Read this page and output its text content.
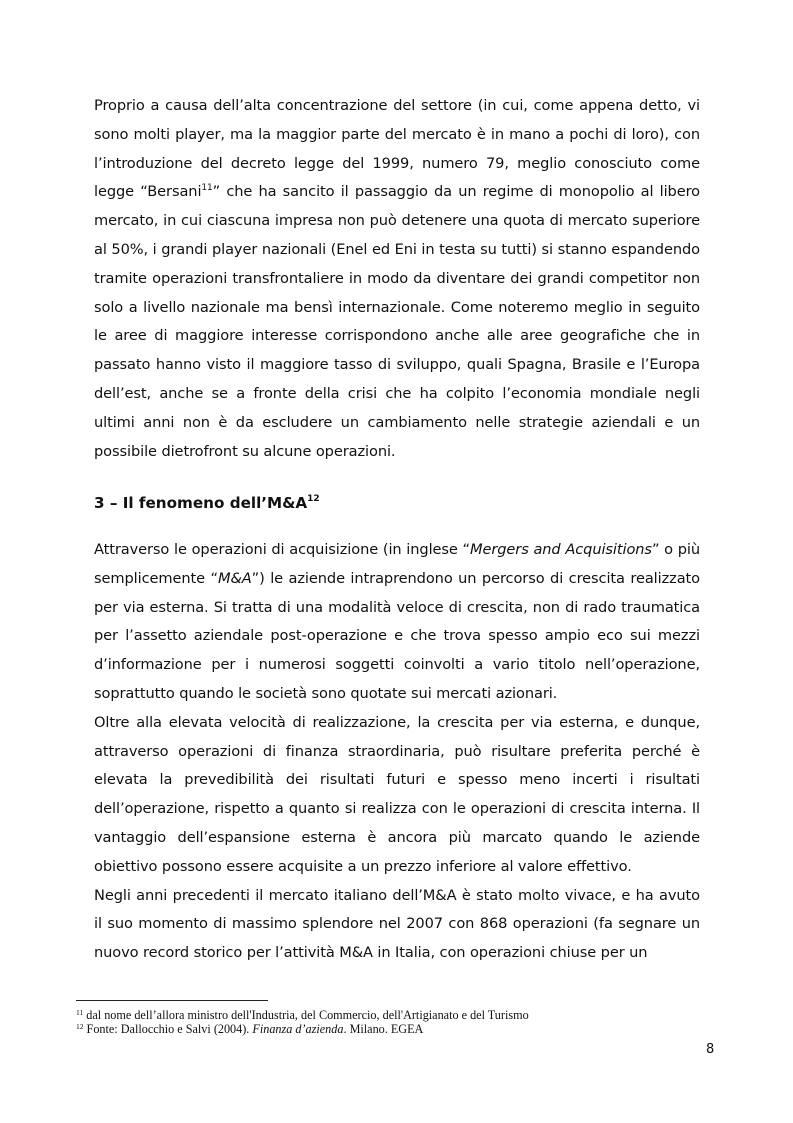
Proprio a causa dell’alta concentrazione del settore (in cui, come appena detto, vi sono molti player, ma la maggior parte del mercato è in mano a pochi di loro), con l’introduzione del decreto legge del 1999, numero 79, meglio conosciuto come legge “Bersani$^{11}$” che ha sancito il passaggio da un regime di monopolio al libero mercato, in cui ciascuna impresa non può detenere una quota di mercato superiore al 50%, i grandi player nazionali (Enel ed Eni in testa su tutti) si stanno espandendo tramite operazioni transfrontaliere in modo da diventare dei grandi competitor non solo a livello nazionale ma bensì internazionale. Come noteremo meglio in seguito le aree di maggiore interesse corrispondono anche alle aree geografiche che in passato hanno visto il maggiore tasso di sviluppo, quali Spagna, Brasile e l’Europa dell’est, anche se a fronte della crisi che ha colpito l’economia mondiale negli ultimi anni non è da escludere un cambiamento nelle strategie aziendali e un possibile dietrofront su alcune operazioni.

3 – Il fenomeno $dell’M\&A^{12}$

Attraverso le operazioni di acquisizione (in inglese “Mergers and Acquisitions” o più semplicemente “M&A”) le aziende intraprendono un percorso di crescita realizzato per via esterna. Si tratta di una modalità veloce di crescita, non di rado traumatica per l’assetto aziendale post-operazione e che trova spesso ampio eco sui mezzi d’informazione per i numerosi soggetti coinvolti a vario titolo nell’operazione, soprattutto quando le società sono quotate sui mercati azionari.

Oltre alla elevata velocità di realizzazione, la crescita per via esterna, e dunque, attraverso operazioni di finanza straordinaria, può risultare preferita perché è elevata la prevedibilità dei risultati futuri e spesso meno incerti i risultati dell’operazione, rispetto a quanto si realizza con le operazioni di crescita interna. Il vantaggio dell’espansione esterna è ancora più marcato quando le aziende obiettivo possono essere acquisite a un prezzo inferiore al valore effettivo.

Negli anni precedenti il mercato italiano dell’M&A è stato molto vivace, e ha avuto il suo momento di massimo splendore nel 2007 con 868 operazioni (fa segnare un nuovo record storico per l’attività M&A in Italia, con operazioni chiuse per un

$^{11}$ dal nome dell’allora ministro dell'Industria, del Commercio, dell'Artigianato e del Turismo
$^{12}$ Fonte: Dallocchio e Salvi (2004). Finanza d’azienda. Milano. EGEA
8
